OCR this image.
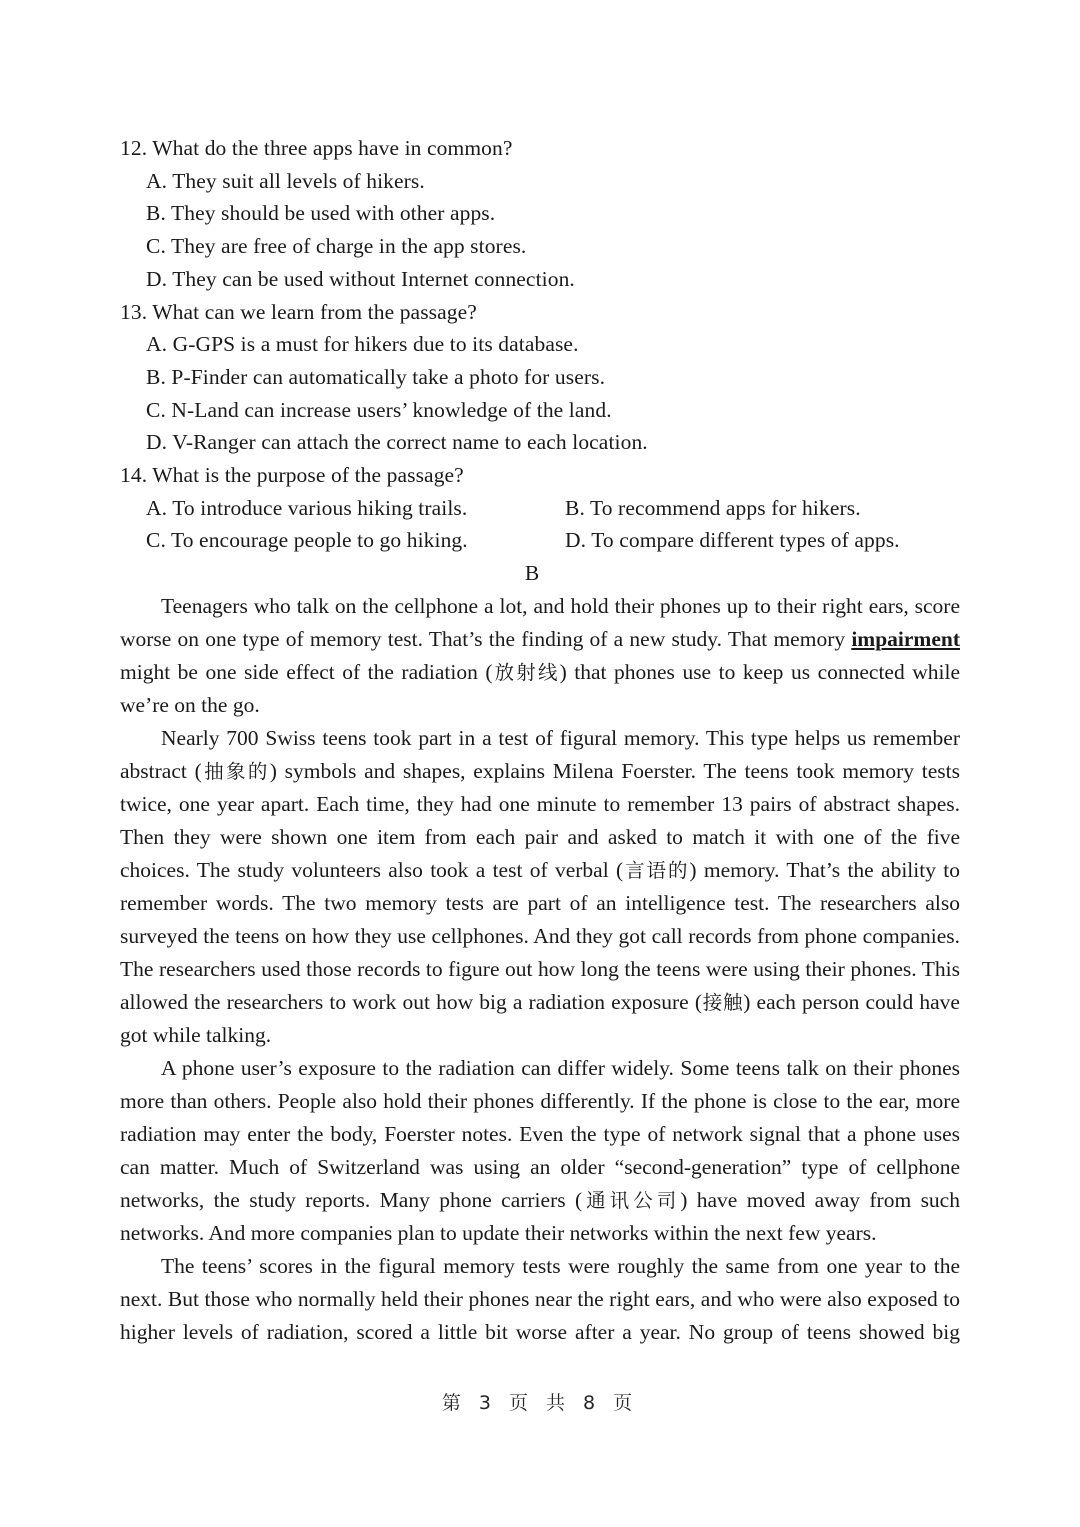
12. What do the three apps have in common?

A. They suit all levels of hikers.

B. They should be used with other apps.

C. They are free of charge in the app stores.

D. They can be used without Internet connection.

13. What can we learn from the passage?

A. G-GPS is a must for hikers due to its database.

B. P-Finder can automatically take a photo for users.

C. N-Land can increase users’ knowledge of the land.

D. V-Ranger can attach the correct name to each location.

14. What is the purpose of the passage?

A. To introduce various hiking trails.	B. To recommend apps for hikers.
C. To encourage people to go hiking.	D. To compare different types of apps.

B

Teenagers who talk on the cellphone a lot, and hold their phones up to their right ears, score worse on one type of memory test. That’s the finding of a new study. That memory impairment might be one side effect of the radiation (放射线) that phones use to keep us connected while we’re on the go.

Nearly 700 Swiss teens took part in a test of figural memory. This type helps us remember abstract (抽象的) symbols and shapes, explains Milena Foerster. The teens took memory tests twice, one year apart. Each time, they had one minute to remember 13 pairs of abstract shapes. Then they were shown one item from each pair and asked to match it with one of the five choices. The study volunteers also took a test of verbal (言语的) memory. That’s the ability to remember words. The two memory tests are part of an intelligence test. The researchers also surveyed the teens on how they use cellphones. And they got call records from phone companies. The researchers used those records to figure out how long the teens were using their phones. This allowed the researchers to work out how big a radiation exposure (接触) each person could have got while talking.

A phone user’s exposure to the radiation can differ widely. Some teens talk on their phones more than others. People also hold their phones differently. If the phone is close to the ear, more radiation may enter the body, Foerster notes. Even the type of network signal that a phone uses can matter. Much of Switzerland was using an older “second-generation” type of cellphone networks, the study reports. Many phone carriers (通讯公司) have moved away from such networks. And more companies plan to update their networks within the next few years.

The teens’ scores in the figural memory tests were roughly the same from one year to the next. But those who normally held their phones near the right ears, and who were also exposed to higher levels of radiation, scored a little bit worse after a year. No group of teens showed big

第 3 页 共 8 页
